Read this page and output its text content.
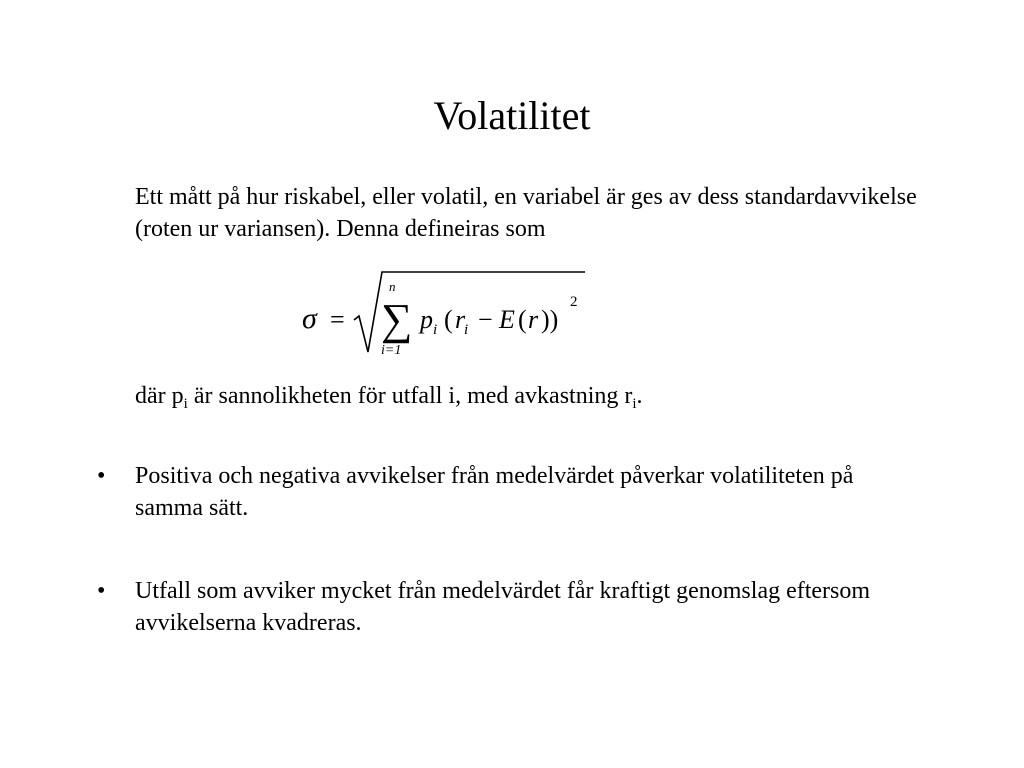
Volatilitet
Ett mått på hur riskabel, eller volatil, en variabel är ges av dess standardavvikelse (roten ur variansen). Denna defineiras som
σ =
n
∑
i=1
p i ( r
i − E ( r ))
2
där $p_i$ är sannolikheten för utfall i, med avkastning $r_i$.
• Positiva och negativa avvikelser från medelvärdet påverkar volatiliteten på samma sätt.
• Utfall som avviker mycket från medelvärdet får kraftigt genomslag eftersom avvikelserna kvadreras.
